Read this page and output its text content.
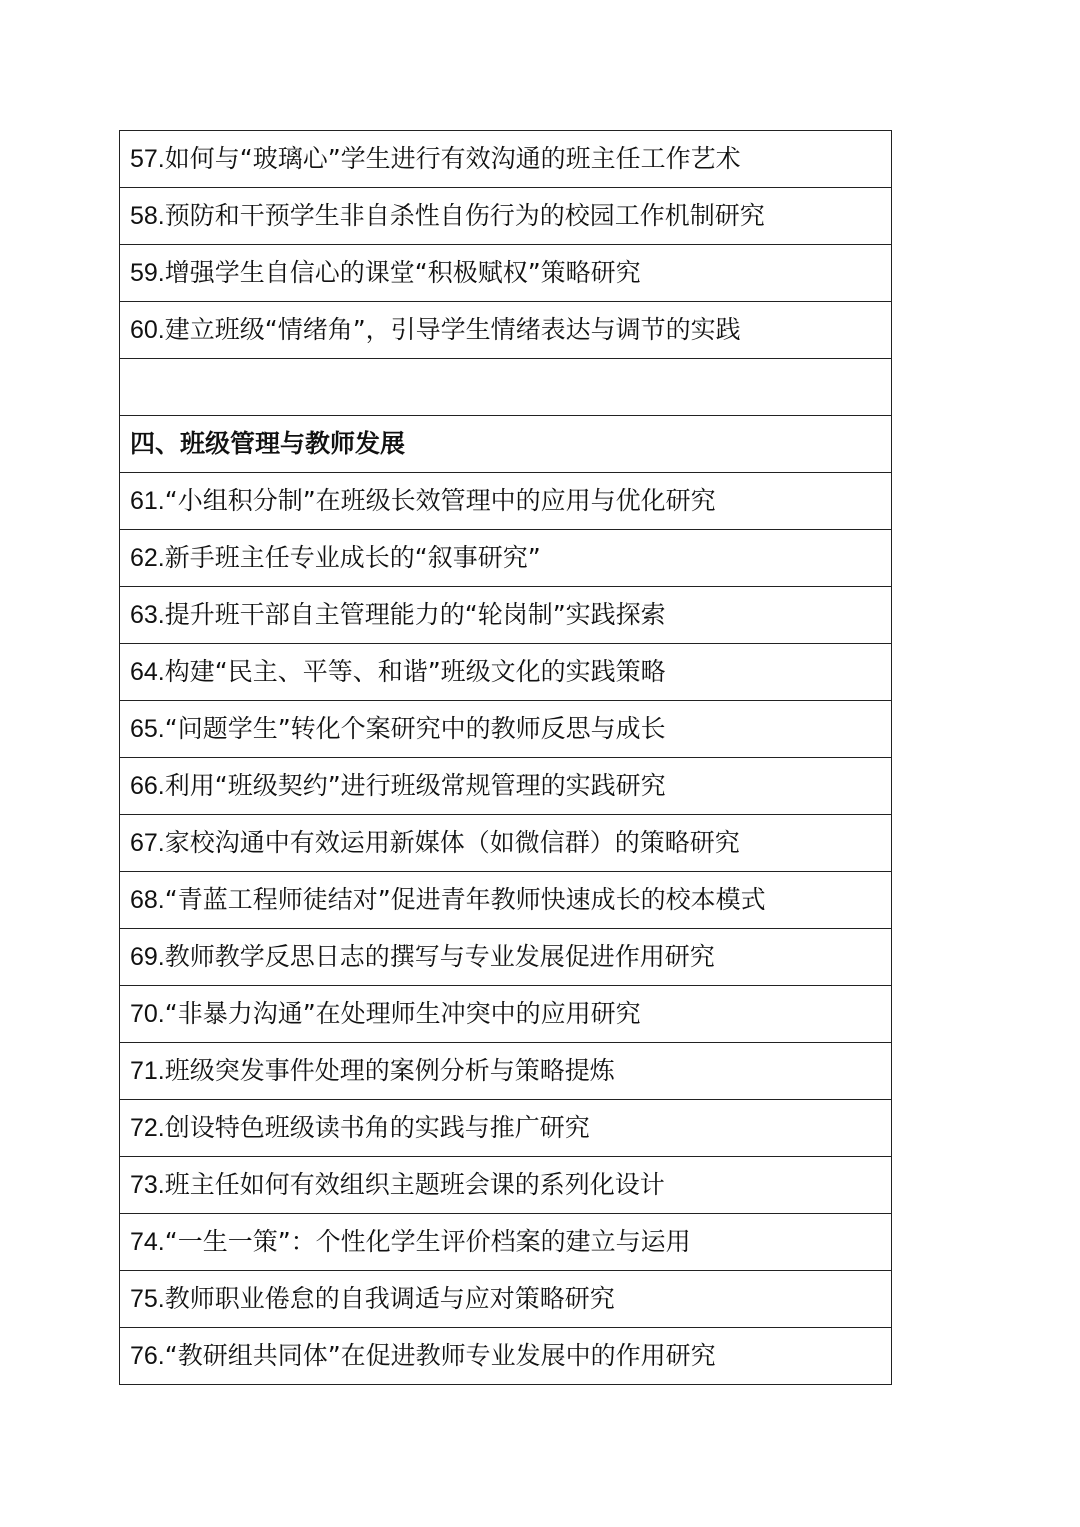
57.如何与“玻璃心”学生进行有效沟通的班主任工作艺术
58.预防和干预学生非自杀性自伤行为的校园工作机制研究
59.增强学生自信心的课堂“积极赋权”策略研究
60.建立班级“情绪角”，引导学生情绪表达与调节的实践

四、班级管理与教师发展
61.“小组积分制”在班级长效管理中的应用与优化研究
62.新手班主任专业成长的“叙事研究”
63.提升班干部自主管理能力的“轮岗制”实践探索
64.构建“民主、平等、和谐”班级文化的实践策略
65.“问题学生”转化个案研究中的教师反思与成长
66.利用“班级契约”进行班级常规管理的实践研究
67.家校沟通中有效运用新媒体（如微信群）的策略研究
68.“青蓝工程师徒结对”促进青年教师快速成长的校本模式
69.教师教学反思日志的撰写与专业发展促进作用研究
70.“非暴力沟通”在处理师生冲突中的应用研究
71.班级突发事件处理的案例分析与策略提炼
72.创设特色班级读书角的实践与推广研究
73.班主任如何有效组织主题班会课的系列化设计
74.“一生一策”：个性化学生评价档案的建立与运用
75.教师职业倦怠的自我调适与应对策略研究
76.“教研组共同体”在促进教师专业发展中的作用研究
